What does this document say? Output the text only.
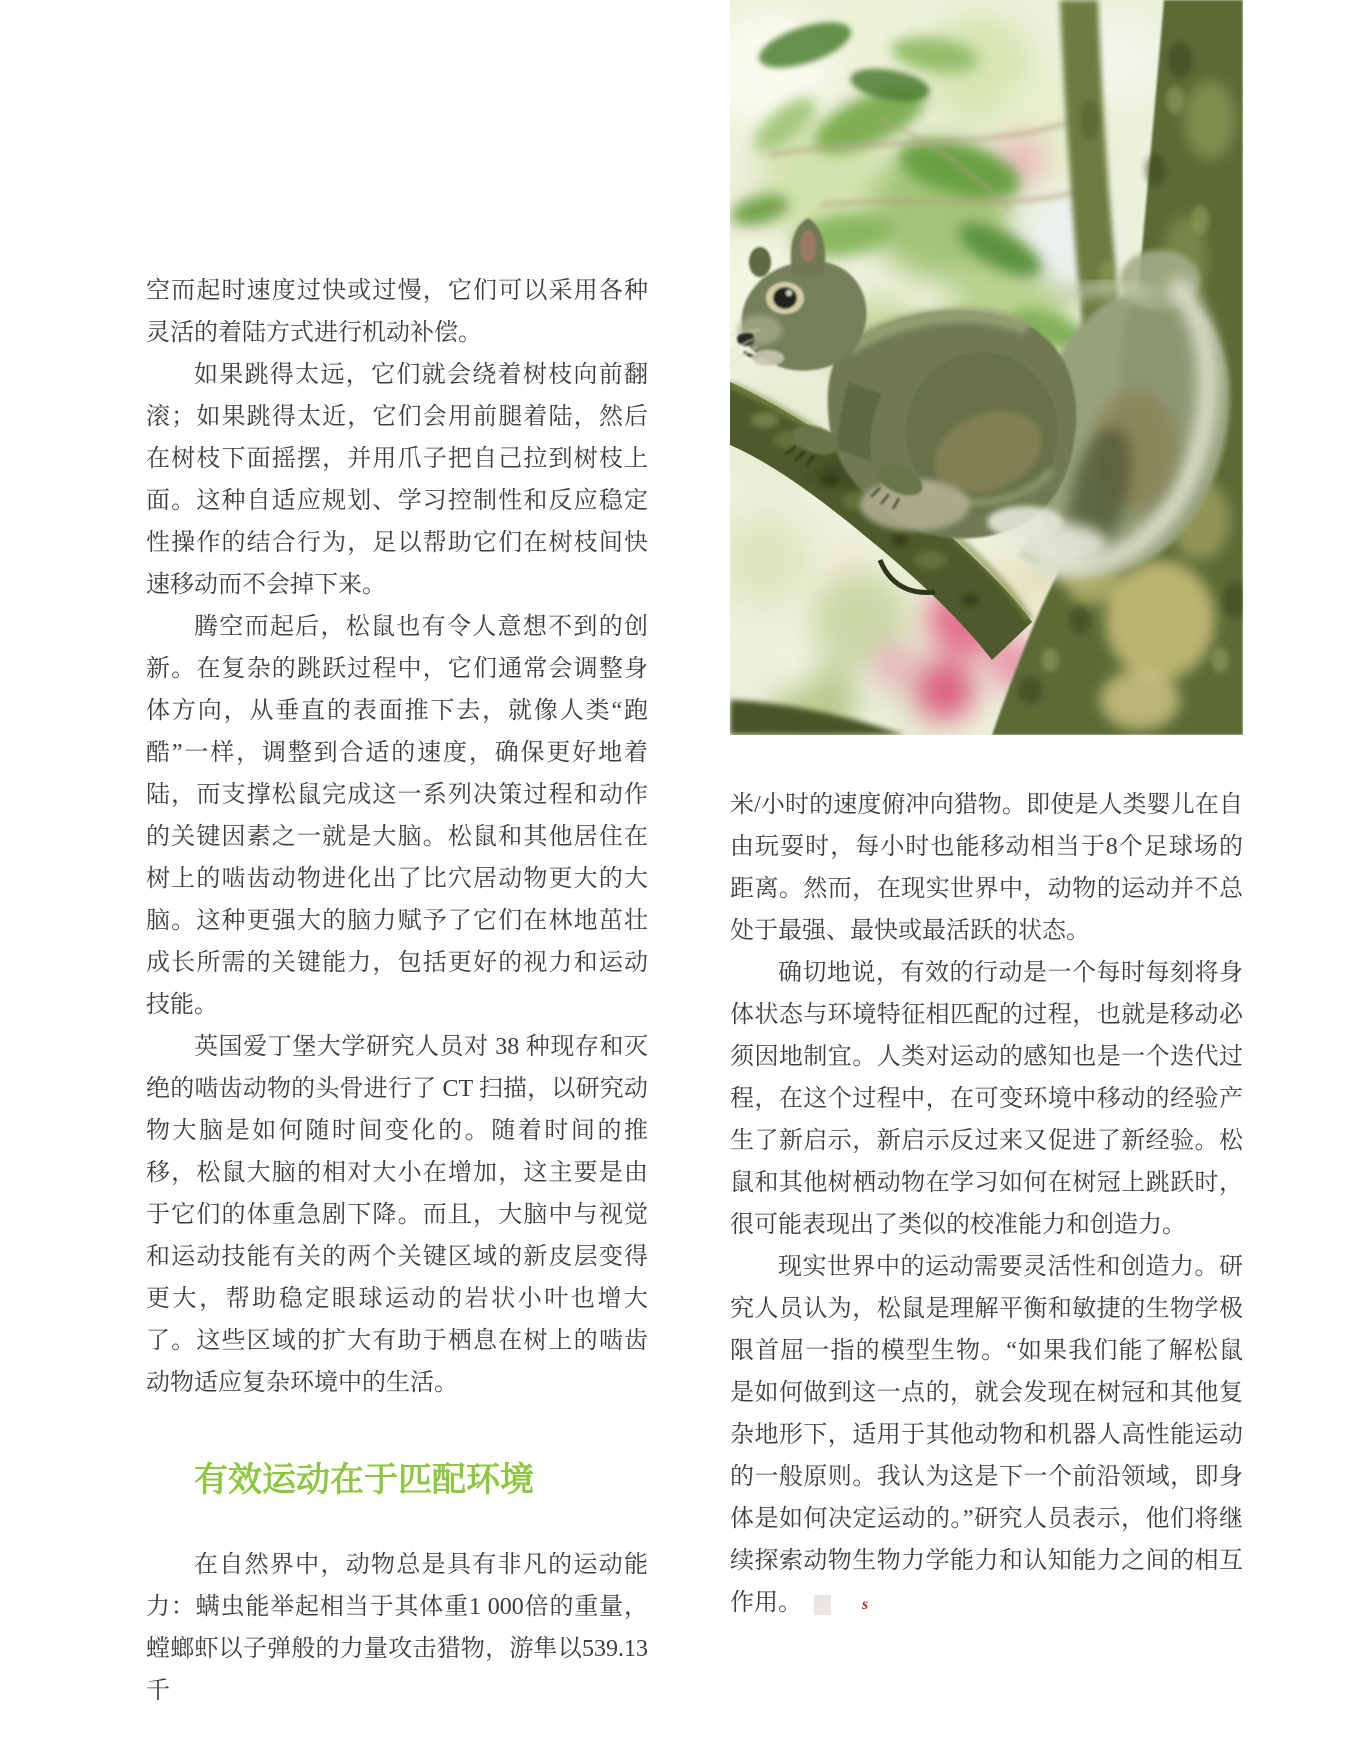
空而起时速度过快或过慢，它们可以采用各种灵活的着陆方式进行机动补偿。

如果跳得太远，它们就会绕着树枝向前翻滚；如果跳得太近，它们会用前腿着陆，然后在树枝下面摇摆，并用爪子把自己拉到树枝上面。这种自适应规划、学习控制性和反应稳定性操作的结合行为，足以帮助它们在树枝间快速移动而不会掉下来。

腾空而起后，松鼠也有令人意想不到的创新。在复杂的跳跃过程中，它们通常会调整身体方向，从垂直的表面推下去，就像人类“跑酷”一样，调整到合适的速度，确保更好地着陆，而支撑松鼠完成这一系列决策过程和动作的关键因素之一就是大脑。松鼠和其他居住在树上的啮齿动物进化出了比穴居动物更大的大脑。这种更强大的脑力赋予了它们在林地茁壮成长所需的关键能力，包括更好的视力和运动技能。

英国爱丁堡大学研究人员对 38 种现存和灭绝的啮齿动物的头骨进行了 CT 扫描，以研究动物大脑是如何随时间变化的。随着时间的推移，松鼠大脑的相对大小在增加，这主要是由于它们的体重急剧下降。而且，大脑中与视觉和运动技能有关的两个关键区域的新皮层变得更大，帮助稳定眼球运动的岩状小叶也增大了。这些区域的扩大有助于栖息在树上的啮齿动物适应复杂环境中的生活。

有效运动在于匹配环境

在自然界中，动物总是具有非凡的运动能力：螨虫能举起相当于其体重1 000倍的重量，螳螂虾以子弹般的力量攻击猎物，游隼以539.13千

米/小时的速度俯冲向猎物。即使是人类婴儿在自由玩耍时，每小时也能移动相当于8个足球场的距离。然而，在现实世界中，动物的运动并不总处于最强、最快或最活跃的状态。

确切地说，有效的行动是一个每时每刻将身体状态与环境特征相匹配的过程，也就是移动必须因地制宜。人类对运动的感知也是一个迭代过程，在这个过程中，在可变环境中移动的经验产生了新启示，新启示反过来又促进了新经验。松鼠和其他树栖动物在学习如何在树冠上跳跃时，很可能表现出了类似的校准能力和创造力。

现实世界中的运动需要灵活性和创造力。研究人员认为，松鼠是理解平衡和敏捷的生物学极限首屈一指的模型生物。“如果我们能了解松鼠是如何做到这一点的，就会发现在树冠和其他复杂地形下，适用于其他动物和机器人高性能运动的一般原则。我认为这是下一个前沿领域，即身体是如何决定运动的。”研究人员表示，他们将继续探索动物生物力学能力和认知能力之间的相互作用。	s
